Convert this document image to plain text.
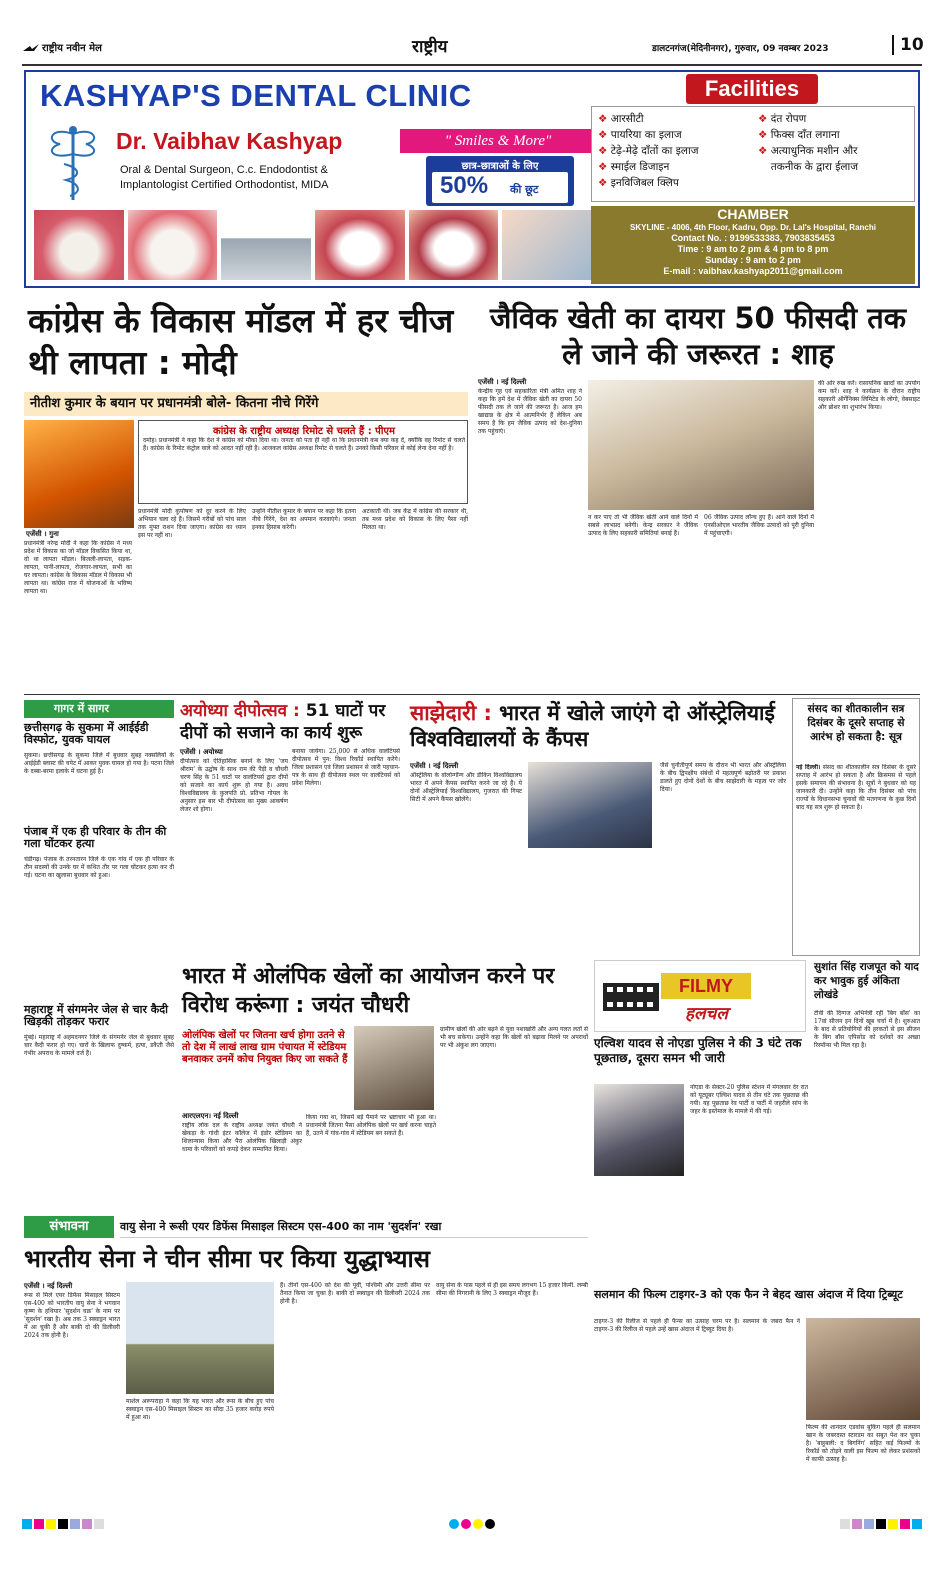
राष्ट्रीय नवीन मेल	राष्ट्रीय	डालटनगंज(मेदिनीनगर), गुरुवार, 09 नवम्बर 2023	10
KASHYAP'S DENTAL CLINIC
Dr. Vaibhav Kashyap	" Smiles & More"
Oral & Dental Surgeon, C.c. Endodontist &
Implantologist Certified Orthodontist, MIDA
छात्र-छात्राओं के लिए
50% की छूट
Facilities
❖ आरसीटी
❖ पायरिया का इलाज
❖ टेढ़े-मेढ़े दाँतों का इलाज
❖ स्माईल डिजाइन
❖ इनविजिबल क्लिप
❖ दंत रोपण
❖ फिक्स दाँत लगाना
❖ अत्याधुनिक मशीन और
❖ तकनीक के द्वारा ईलाज
CHAMBER
SKYLINE - 4006, 4th Floor, Kadru, Opp. Dr. Lal's Hospital, Ranchi
Contact No. : 9199533383, 7903835453
Time : 9 am to 2 pm & 4 pm to 8 pm
Sunday : 9 am to 2 pm
E-mail : vaibhav.kashyap2011@gmail.com
कांग्रेस के विकास मॉडल में हर चीज थी लापता : मोदी
नीतीश कुमार के बयान पर प्रधानमंत्री बोले- कितना नीचे गिरेंगे
कांग्रेस के राष्ट्रीय अध्यक्ष रिमोट से चलते हैं : पीएम
दमोह। प्रधानमंत्री ने कहा कि देश ने कांग्रेस को मौका दिया था। जनता को पता ही नहीं था कि प्रधानमंत्री कब क्या कह दें, क्योंकि वह रिमोट से चलते हैं। कांग्रेस के रिमोट कंट्रोल वाले को आदत नहीं रही है। आजकल कांग्रेस अध्यक्ष रिमोट से चलते हैं। उनको किसी परिवार से कोई लेना देना नहीं है।
एजेंसी । गुना
प्रधानमंत्री नरेन्द्र मोदी ने कहा कि कांग्रेस ने मध्य प्रदेश में विकास का जो मॉडल विकसित किया था, वो था लापता मॉडल। बिजली-लापता, सड़क-लापता, पानी-लापता, रोजगार-लापता, सभी का घर लापता। कांग्रेस के विकास मॉडल में विकास भी लापता था। कांग्रेस राज में योजनाओं के भविष्य लापता था।
प्रधानमंत्री मोदी कुपोषण को दूर करने के लिए अभियान चला रहे हैं। जिसमें गरीबों को पांच साल तक मुफ्त राशन दिया जाएगा। कांग्रेस का ध्यान इस पर नहीं था।
उन्होंने नीतीश कुमार के बयान पर कहा कि इतना नीचे गिरेंगे, देश का अपमान करवाएंगे। जनता इनका हिसाब करेगी।
अटकाती थी। जब केंद्र में कांग्रेस की सरकार थी, तब मध्य प्रदेश को विकास के लिए पैसा नहीं मिलता था।
जैविक खेती का दायरा 50 फीसदी तक ले जाने की जरूरत : शाह
एजेंसी । नई दिल्ली
केन्द्रीय गृह एवं सहकारिता मंत्री अमित शाह ने कहा कि हमें देश में जैविक खेती का दायरा 50 फीसदी तक ले जाने की जरूरत है। आज हम खाद्यान्न के क्षेत्र में आत्मनिर्भर हैं लेकिन अब समय है कि हम जैविक उत्पाद को देश-दुनिया तक पहुंचाएं।
न कर पाए तो भी जैविक खेती आने वाले दिनों में सबसे लाभप्रद बनेगी। केन्द्र सरकार ने जैविक उत्पाद के लिए सहकारी समितियां बनाई हैं।
06 जैविक उत्पाद लॉन्च हुए हैं। आने वाले दिनों में एनसीओएल भारतीय जैविक उत्पादों को पूरी दुनिया में पहुंचाएगी।
की ओर रुख करें। रासायनिक खादों का उपयोग कम करें। शाह ने कार्यक्रम के दौरान राष्ट्रीय सहकारी ऑर्गेनिक्स लिमिटेड के लोगो, वेबसाइट और ब्रोशर का शुभारंभ किया।
गागर में सागर
छत्तीसगढ़ के सुकमा में आईईडी विस्फोट, युवक घायल
सुकमा। छत्तीसगढ़ के सुकमा जिले में बुधवार सुबह नक्सलियों के आईईडी ब्लास्ट की चपेट में आकर युवक घायल हो गया है। पटना जिले के दब्बा-बरमा इलाके में घटना हुई है।
पंजाब में एक ही परिवार के तीन की गला घोंटकर हत्या
चंडीगढ़। पंजाब के तरनतारन जिले के एक गांव में एक ही परिवार के तीन सदस्यों की उनके घर में कथित तौर पर गला घोंटकर हत्या कर दी गई। घटना का खुलासा बुधवार को हुआ।
महाराष्ट्र में संगमनेर जेल से चार कैदी खिड़की तोड़कर फरार
मुंबई। महाराष्ट्र में अहमदनगर जिले के संगमनेर जेल से बुधवार सुबह चार कैदी फरार हो गए। चारों के खिलाफ दुष्कर्म, हत्या, डकैती जैसे गंभीर अपराध के मामले दर्ज हैं।
अयोध्या दीपोत्सव : 51 घाटों पर दीपों को सजाने का कार्य शुरू
एजेंसी । अयोध्या
दीपोत्सव को ऐतिहासिक बनाने के लिए 'जय श्रीराम' के उद्घोष के साथ राम की पैड़ी व चौधरी चरण सिंह के 51 घाटों पर वालंटियर्स द्वारा दीपों को सजाने का कार्य शुरू हो गया है। अवध विश्वविद्यालय के कुलपति प्रो. प्रतिभा गोयल के अनुसार इस बार भी दीपोत्सव का मुख्य आकर्षण लेजर शो होगा।
बनाया जायेगा। 25,000 से अधिक वालंटियर्स दीपोत्सव में पुन: विश्व रिकॉर्ड स्थापित करेंगे। जिला प्रशासन एवं जिला प्रशासन से जारी पहचान-पत्र के साथ ही दीपोत्सव स्थल पर वालंटियर्स को प्रवेश मिलेगा।
साझेदारी : भारत में खोले जाएंगे दो ऑस्ट्रेलियाई विश्वविद्यालयों के कैंपस
एजेंसी । नई दिल्ली
ऑस्ट्रेलिया के वोलोन्गॉन्ग और डीकिन विश्वविद्यालय भारत में अपने कैंपस स्थापित करने जा रहे हैं। ये दोनों ऑस्ट्रेलियाई विश्वविद्यालय, गुजरात की गिफ्ट सिटी में अपने कैंपस खोलेंगे।
जैसे चुनौतीपूर्ण समय के दौरान भी भारत और ऑस्ट्रेलिया के बीच द्विपक्षीय संबंधों में महत्वपूर्ण बढ़ोतरी पर प्रकाश डालते हुए दोनों देशों के बीच साझेदारी के महत्व पर जोर दिया।
संसद का शीतकालीन सत्र दिसंबर के दूसरे सप्ताह से आरंभ हो सकता है: सूत्र
नई दिल्ली। संसद का शीतकालीन सत्र दिसंबर के दूसरे सप्ताह में आरंभ हो सकता है और क्रिसमस से पहले इसके समापन की संभावना है। सूत्रों ने बुधवार को यह जानकारी दी। उन्होंने कहा कि तीन दिसंबर को पांच राज्यों के विधानसभा चुनावों की मतगणना के कुछ दिनों बाद यह सत्र शुरू हो सकता है।
भारत में ओलंपिक खेलों का आयोजन करने पर विरोध करूंगा : जयंत चौधरी
ओलंपिक खेलों पर जितना खर्च होगा उतने से तो देश में लाखं लाख ग्राम पंचायत में स्टेडियम बनवाकर उनमें कोच नियुक्त किए जा सकते हैं
आरएलएन। नई दिल्ली
राष्ट्रीय लोक दल के राष्ट्रीय अध्यक्ष जयंत चौधरी ने खेकड़ा के गांधी इंटर कॉलेज में इंडोर स्टेडियम का शिलान्यास किया और पैरा ओलंपिक खिलाड़ी अंकुर धामा के परिवारों को कपड़े देकर सम्मानित किया।
किया गया था, जिसमें बड़े पैमाने पर भ्रष्टाचार भी हुआ था। प्रधानमंत्री जितना पैसा ओलंपिक खेलों पर खर्च करना चाहते हैं, उतने में गांव-गांव में स्टेडियम बन सकते हैं।
ग्रामीण खेलों की ओर बढ़ने से युवा नशाखोरी और अन्य गलत लतों से भी बच सकेगा। उन्होंने कहा कि खेलों को बढ़ावा मिलने पर अपराधों पर भी अंकुश लग जाएगा।
FILMY
हलचल
सुशांत सिंह राजपूत को याद कर भावुक हुई अंकिता लोखंडे
टीवी की दिग्गज अभिनेत्री रहीं 'बिग बॉस' का 17वां सीजन इन दिनों खूब चर्चा में है। शुरुआत के बाद से प्रतियोगियों की हरकतों से इस सीजन के बिग बॉस एपिसोड को दर्शकों का अच्छा रिस्पॉन्स भी मिल रहा है।
एल्विश यादव से नोएडा पुलिस ने की 3 घंटे तक पूछताछ, दूसरा समन भी जारी
नोएडा के सेक्टर-20 पुलिस स्टेशन में मंगलवार देर रात को यूट्यूबर एल्विश यादव से तीन घंटे तक पूछताछ की गयी। यह पूछताछ रेव पार्टी व पार्टी में जहरीले सांप के जहर के इस्तेमाल के मामले में की गई।
सलमान की फिल्म टाइगर-3 को एक फैन ने बेहद खास अंदाज में दिया ट्रिब्यूट
टाइगर-3 की रिलीज से पहले ही फैन्स का उत्साह चरम पर है। सलमान के जबरा फैन ने टाइगर-3 की रिलीज से पहले उन्हें खास अंदाज में ट्रिब्यूट दिया है।
फिल्म की शानदार एडवांस बुकिंग पहले ही सलमान खान के जबरदस्त स्टारडम का सबूत पेश कर चुका है। 'बाहुबली: द बिगनिंग' सहित कई फिल्मों के रिकॉर्ड को तोड़ने वाली इस फिल्म को लेकर प्रशंसकों में काफी उत्साह है।
संभावना	वायु सेना ने रूसी एयर डिफेंस मिसाइल सिस्टम एस-400 का नाम 'सुदर्शन' रखा
भारतीय सेना ने चीन सीमा पर किया युद्धाभ्यास
एजेंसी । नई दिल्ली
रूस से मिले एयर डिफेंस मिसाइल सिस्टम एस-400 को भारतीय वायु सेना ने भगवान कृष्ण के हथियार 'सुदर्शन चक्र' के नाम पर 'सुदर्शन' रखा है। अब तक 3 स्क्वाड्रन भारत में आ चुकी हैं और बाकी दो की डिलीवरी 2024 तक होनी है।
मार्शल अरूपराहा ने कहा कि यह भारत और रूस के बीच हुए पांच स्क्वाड्रन एस-400 मिसाइल सिस्टम का सौदा 35 हजार करोड़ रुपये में हुआ था।
हैं। तीनों एस-400 को देश की पूर्वी, पश्चिमी और उत्तरी सीमा पर तैनात किया जा चुका है। बाकी दो स्क्वाड्रन की डिलीवरी 2024 तक होनी है।
वायु सेना के पास पहले से ही इस समय लगभग 15 हजार किमी. लम्बी सीमा की निगरानी के लिए 3 स्क्वाड्रन मौजूद हैं।
